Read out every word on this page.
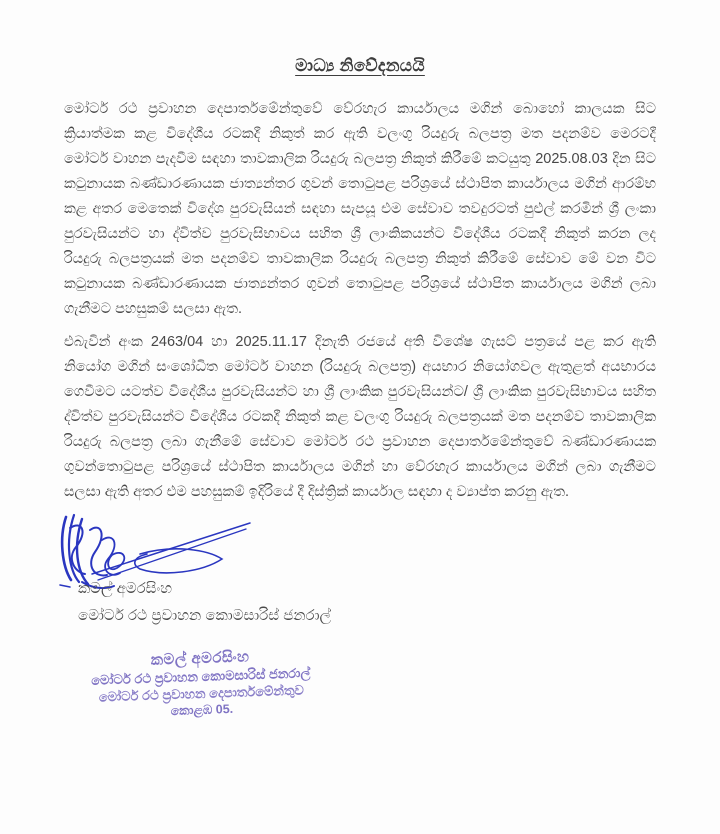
මාධ්‍ය නිවේදනයයි
මෝටර් රථ ප්‍රවාහන දෙපාර්තමේන්තුවේ වේරහැර කාර්යාලය මගින් බොහෝ කාලයක සිට
ක්‍රියාත්මක කළ විදේශීය රටකදී නිකුත් කර ඇති වලංගු රියදුරු බලපත්‍ර මත පදනම්ව මෙරටදී
මෝටර් වාහන පැදවීම සඳහා තාවකාලික රියදුරු බලපත්‍ර නිකුත් කිරීමේ කටයුතු 2025.08.03 දින සිට
කටුනායක බණ්ඩාරණායක ජාත්‍යන්තර ගුවන් තොටුපළ පරිශ්‍රයේ ස්ථාපිත කාර්යාලය මගින් ආරම්භ
කළ අතර මෙතෙක් විදේශ පුරවැසියන් සඳහා සැපයූ එම සේවාව තවදුරටත් පුළුල් කරමින් ශ්‍රී ලංකා
පුරවැසියන්ට හා ද්විත්ව පුරවැසිභාවය සහිත ශ්‍රී ලාංකිකයන්ට විදේශීය රටකදී නිකුත් කරන ලද
රියදුරු බලපත්‍රයක් මත පදනම්ව තාවකාලික රියදුරු බලපත්‍ර නිකුත් කිරීමේ සේවාව මේ වන විට
කටුනායක බණ්ඩාරණායක ජාත්‍යන්තර ගුවන් තොටුපළ පරිශ්‍රයේ ස්ථාපිත කාර්යාලය මගින් ලබා
ගැනීමට පහසුකම් සලසා ඇත.
එබැවින් අංක 2463/04 හා 2025.11.17 දිනැති රජයේ අති විශේෂ ගැසට් පත්‍රයේ පළ කර ඇති
නියෝග මගින් සංශෝධිත මෝටර් වාහන (රියදුරු බලපත්‍ර) අයභාර නියෝගවල ඇතුළත් අයභාරය
ගෙවීමට යටත්ව විදේශීය පුරවැසියන්ට හා ශ්‍රී ලාංකික පුරවැසියන්ට/ ශ්‍රී ලාංකික පුරවැසිභාවය සහිත
ද්විත්ව පුරවැසියන්ට විදේශීය රටකදී නිකුත් කළ වලංගු රියදුරු බලපත්‍රයක් මත පදනම්ව තාවකාලික
රියදුරු බලපත්‍ර ලබා ගැනීමේ සේවාව මෝටර් රථ ප්‍රවාහන දෙපාර්තමේන්තුවේ බණ්ඩාරණායක
ගුවන්තොටුපළ පරිශ්‍රයේ ස්ථාපිත කාර්යාලය මගින් හා වේරහැර කාර්යාලය මගින් ලබා ගැනීමට
සලසා ඇති අතර එම පහසුකම් ඉදිරියේ දී දිස්ත්‍රික් කාර්යාල සඳහා ද ව්‍යාප්ත කරනු ඇත.
කමල් අමරසිංහ
මෝටර් රථ ප්‍රවාහන කොමසාරිස් ජනරාල්
කමල් අමරසිංහ
මෝටර් රථ ප්‍රවාහන කොමසාරිස් ජනරාල්
මෝටර් රථ ප්‍රවාහන දෙපාර්තමේන්තුව
කොළඹ 05.
